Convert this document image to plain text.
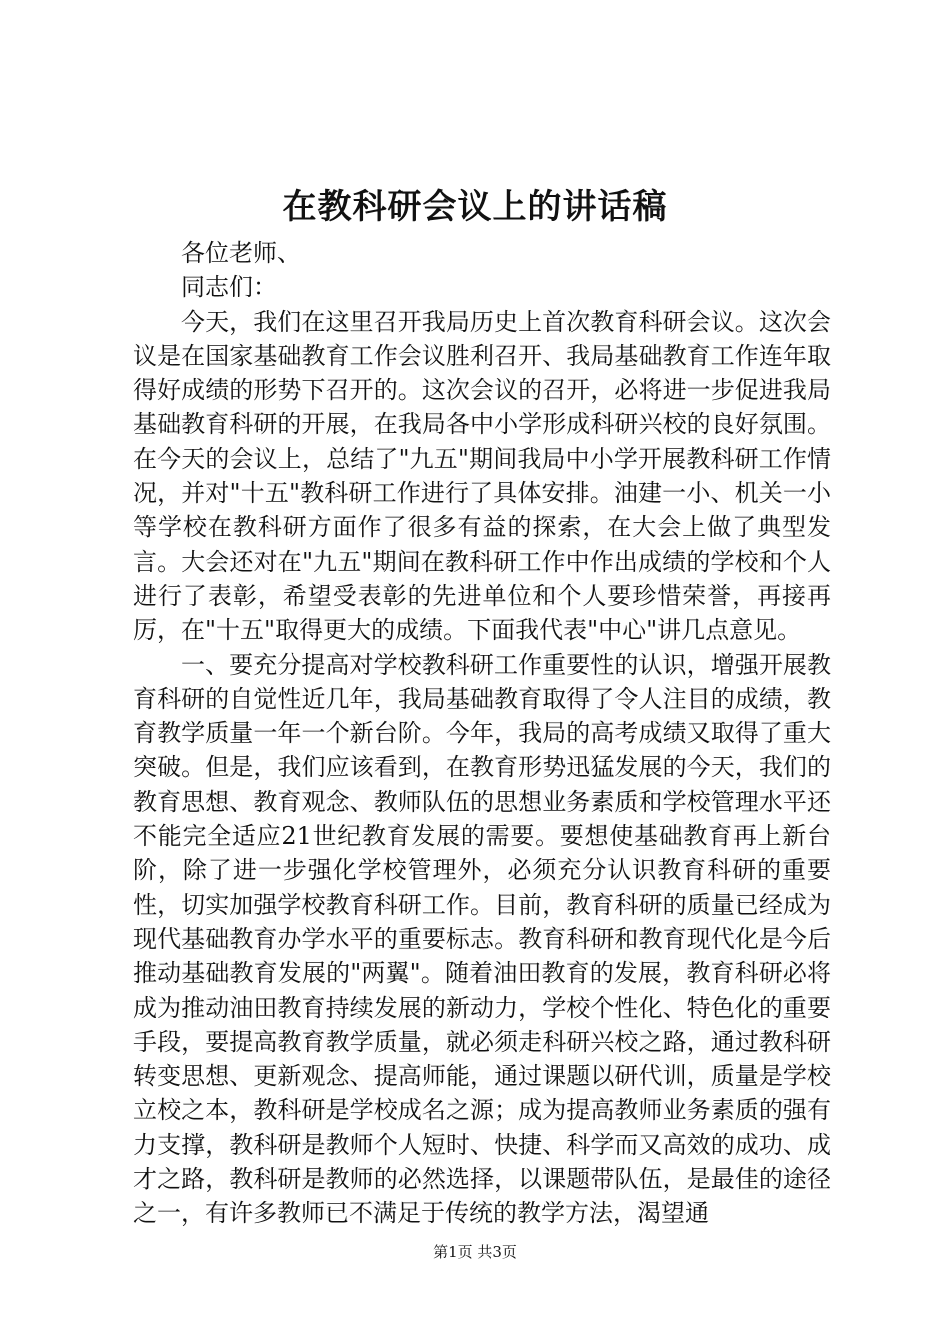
在教科研会议上的讲话稿

各位老师、

同志们：

今天，我们在这里召开我局历史上首次教育科研会议。这次会议是在国家基础教育工作会议胜利召开、我局基础教育工作连年取得好成绩的形势下召开的。这次会议的召开，必将进一步促进我局基础教育科研的开展，在我局各中小学形成科研兴校的良好氛围。在今天的会议上，总结了"九五"期间我局中小学开展教科研工作情况，并对"十五"教科研工作进行了具体安排。油建一小、机关一小等学校在教科研方面作了很多有益的探索，在大会上做了典型发言。大会还对在"九五"期间在教科研工作中作出成绩的学校和个人进行了表彰，希望受表彰的先进单位和个人要珍惜荣誉，再接再厉，在"十五"取得更大的成绩。下面我代表"中心"讲几点意见。

一、要充分提高对学校教科研工作重要性的认识，增强开展教育科研的自觉性近几年，我局基础教育取得了令人注目的成绩，教育教学质量一年一个新台阶。今年，我局的高考成绩又取得了重大突破。但是，我们应该看到，在教育形势迅猛发展的今天，我们的教育思想、教育观念、教师队伍的思想业务素质和学校管理水平还不能完全适应21世纪教育发展的需要。要想使基础教育再上新台阶，除了进一步强化学校管理外，必须充分认识教育科研的重要性，切实加强学校教育科研工作。目前，教育科研的质量已经成为现代基础教育办学水平的重要标志。教育科研和教育现代化是今后推动基础教育发展的"两翼"。随着油田教育的发展，教育科研必将成为推动油田教育持续发展的新动力，学校个性化、特色化的重要手段，要提高教育教学质量，就必须走科研兴校之路，通过教科研转变思想、更新观念、提高师能，通过课题以研代训，质量是学校立校之本，教科研是学校成名之源；成为提高教师业务素质的强有力支撑，教科研是教师个人短时、快捷、科学而又高效的成功、成才之路，教科研是教师的必然选择，以课题带队伍，是最佳的途径之一，有许多教师已不满足于传统的教学方法，渴望通

第1页 共3页
